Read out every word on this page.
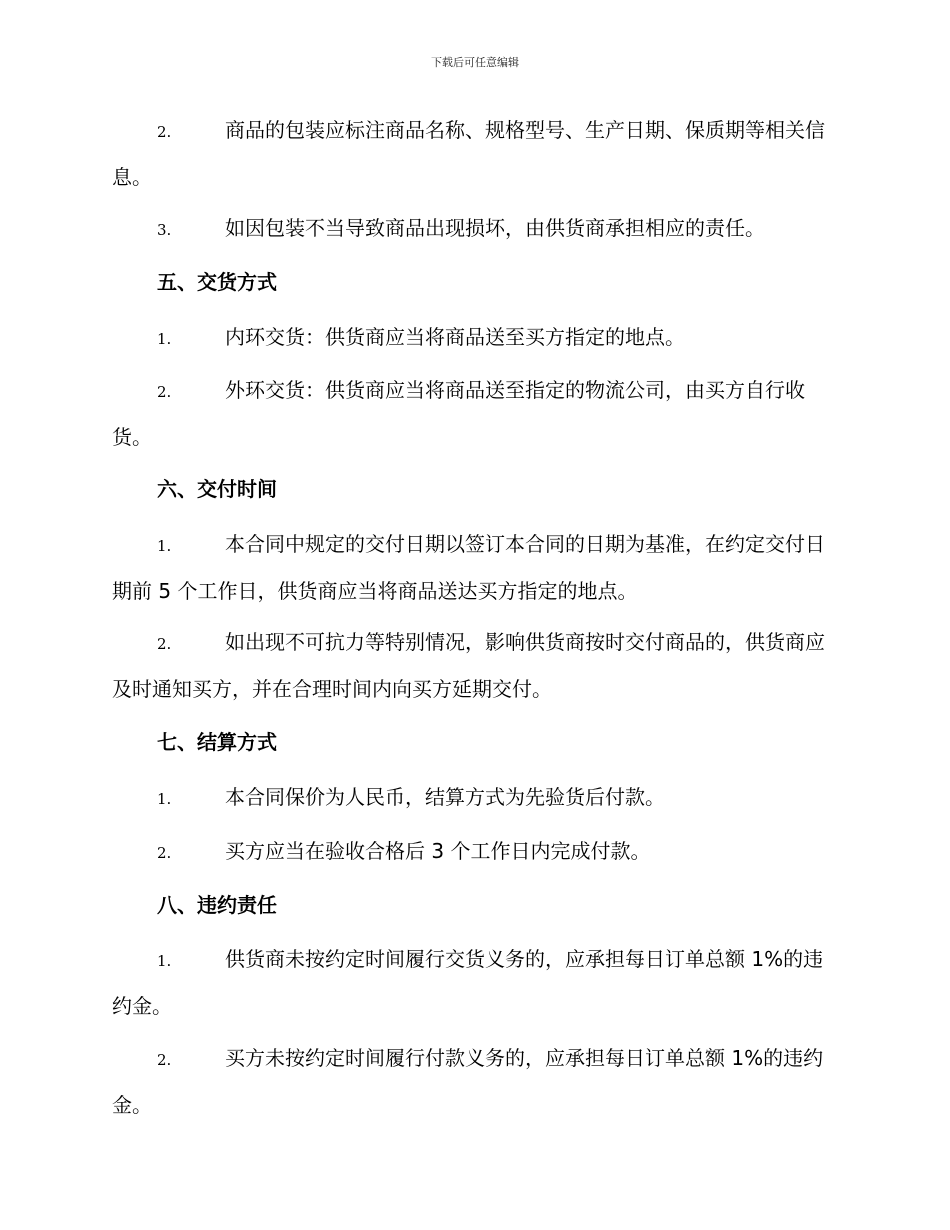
下载后可任意编辑
2.	商品的包装应标注商品名称、规格型号、生产日期、保质期等相关信息。
3.	如因包装不当导致商品出现损坏，由供货商承担相应的责任。
五、交货方式
1.	内环交货：供货商应当将商品送至买方指定的地点。
2.	外环交货：供货商应当将商品送至指定的物流公司，由买方自行收货。
六、交付时间
1.	本合同中规定的交付日期以签订本合同的日期为基准，在约定交付日期前 5 个工作日，供货商应当将商品送达买方指定的地点。
2.	如出现不可抗力等特别情况，影响供货商按时交付商品的，供货商应及时通知买方，并在合理时间内向买方延期交付。
七、结算方式
1.	本合同保价为人民币，结算方式为先验货后付款。
2.	买方应当在验收合格后 3 个工作日内完成付款。
八、违约责任
1.	供货商未按约定时间履行交货义务的，应承担每日订单总额 1%的违约金。
2.	买方未按约定时间履行付款义务的，应承担每日订单总额 1%的违约金。
